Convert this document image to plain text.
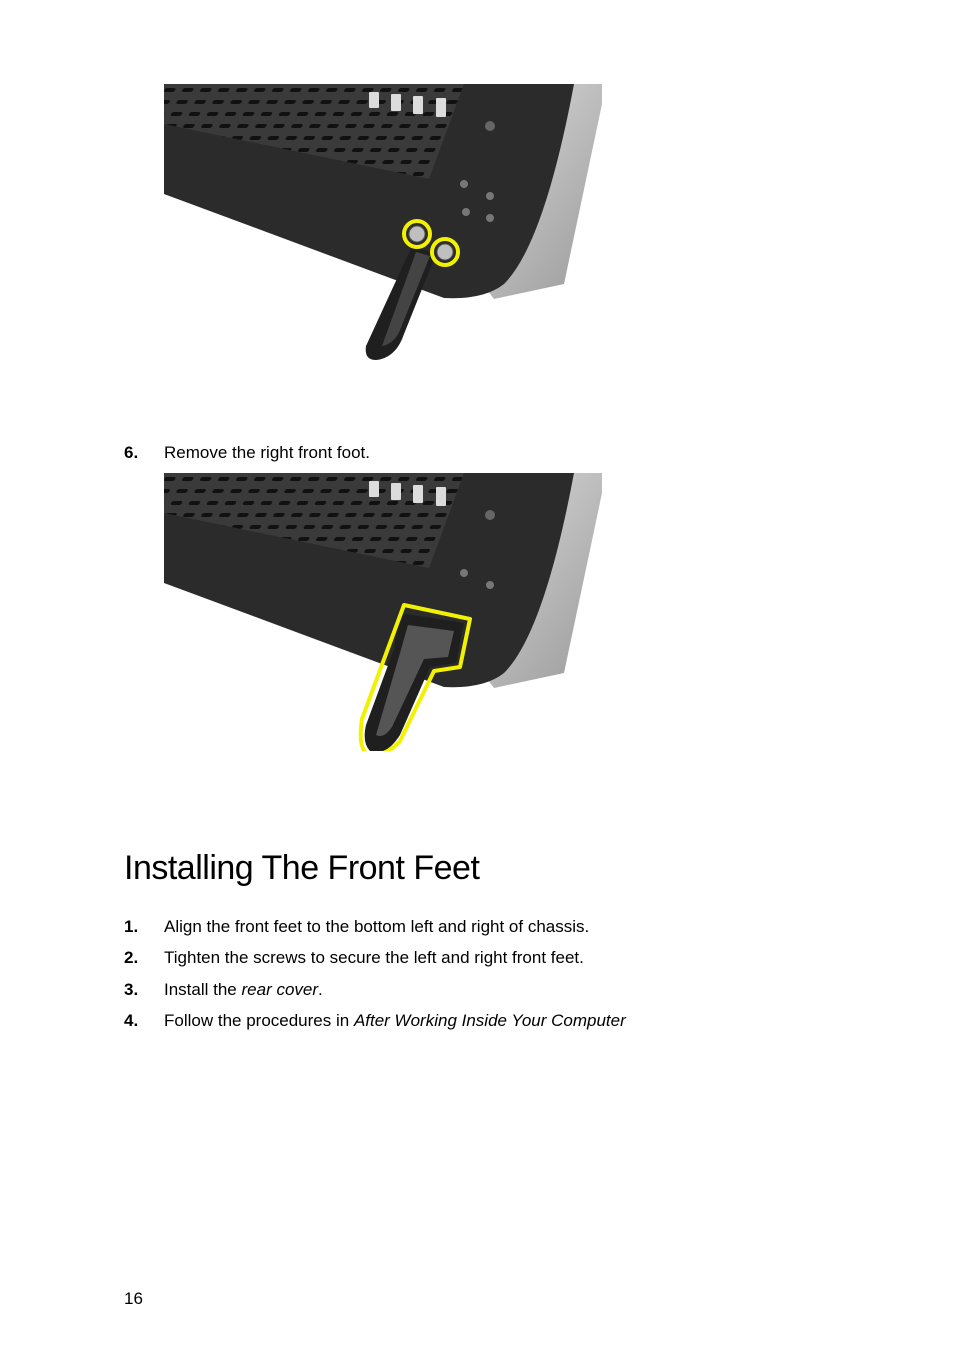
6. Remove the right front foot.
Installing The Front Feet
1. Align the front feet to the bottom left and right of chassis.
2. Tighten the screws to secure the left and right front feet.
3. Install the rear cover.
4. Follow the procedures in After Working Inside Your Computer
16
